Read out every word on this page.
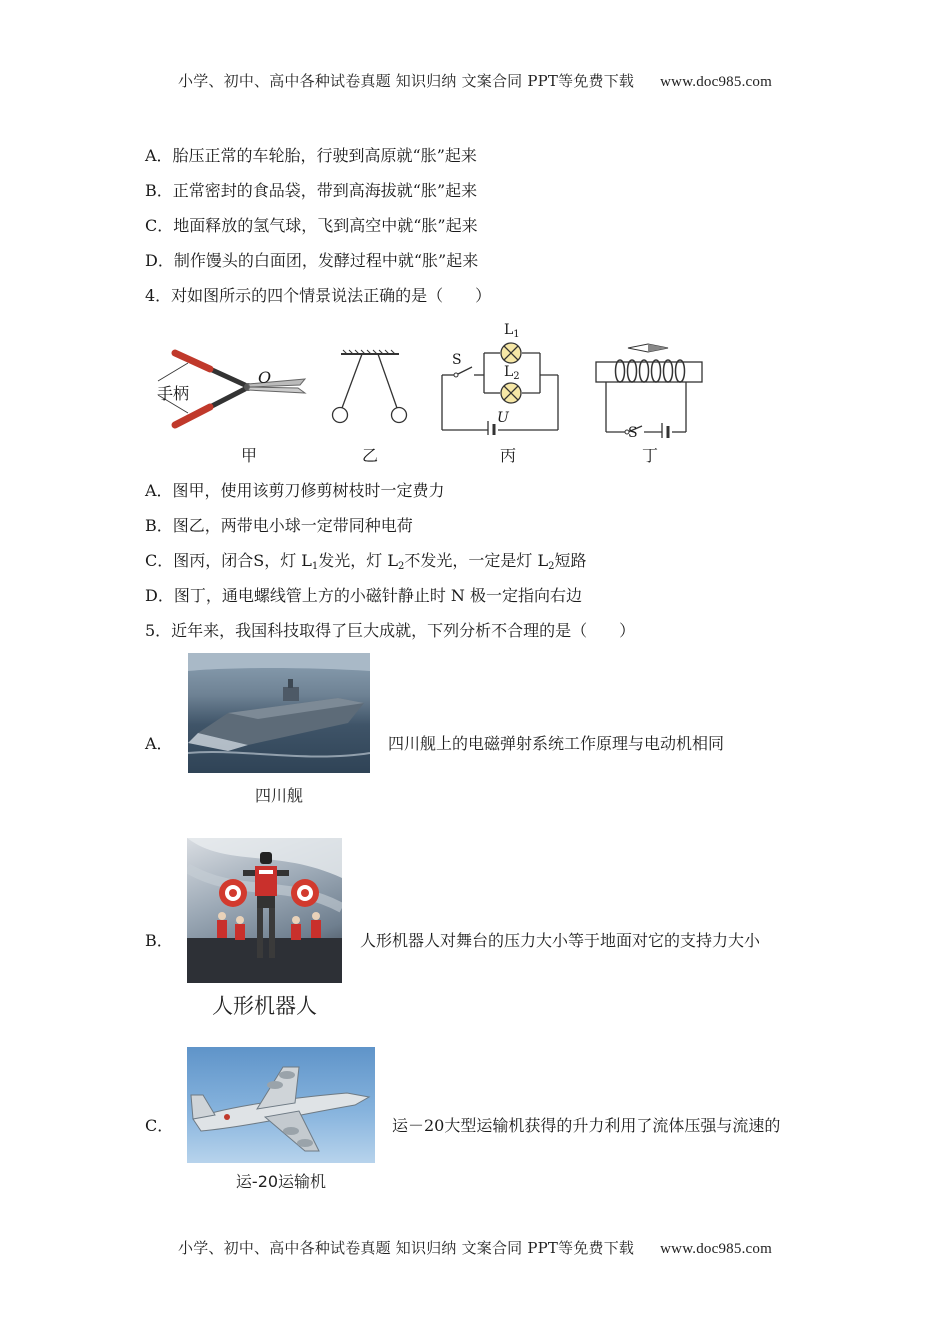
小学、初中、高中各种试卷真题 知识归纳 文案合同 PPT等免费下载 www.doc985.com
A．胎压正常的车轮胎，行驶到高原就“胀”起来
B．正常密封的食品袋，带到高海拔就“胀”起来
C．地面释放的氢气球，飞到高空中就“胀”起来
D．制作馒头的白面团，发酵过程中就“胀”起来
4．对如图所示的四个情景说法正确的是（　　）
手柄
O
甲	乙
S
$L_1$
$L_2$
U
丙
S
丁
A．图甲，使用该剪刀修剪树枝时一定费力
B．图乙，两带电小球一定带同种电荷
C．图丙，闭合S，灯 $L_1$发光，灯 $L_2$不发光，一定是灯 $L_2$短路
D．图丁，通电螺线管上方的小磁针静止时 N 极一定指向右边
5．近年来，我国科技取得了巨大成就，下列分析不合理的是（　　）
A．
四川舰
四川舰上的电磁弹射系统工作原理与电动机相同
B．
人形机器人
人形机器人对舞台的压力大小等于地面对它的支持力大小
C．
运-20运输机
运－20大型运输机获得的升力利用了流体压强与流速的
小学、初中、高中各种试卷真题 知识归纳 文案合同 PPT等免费下载 www.doc985.com
